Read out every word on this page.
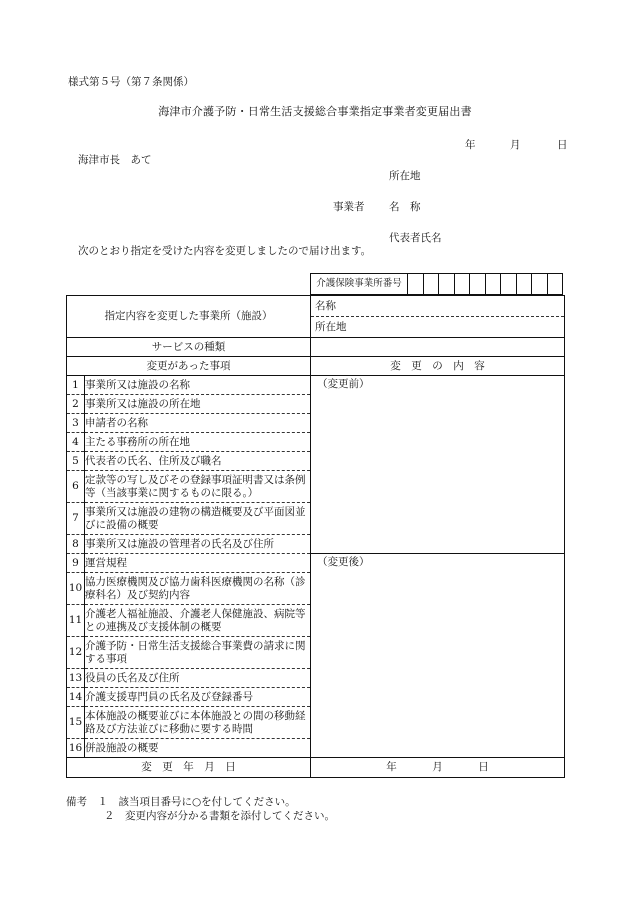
様式第５号（第７条関係）
海津市介護予防・日常生活支援総合事業指定事業者変更届出書
年	月	日
海津市長　あて
所在地
事業者 名　称
代表者氏名
次のとおり指定を受けた内容を変更しましたので届け出ます。
介護保険事業所番号
指定内容を変更した事業所（施設）		名称
所在地

サービスの種類		
変更があった事項		変　更　の　内　容
1	事業所又は施設の名称	（変更前）
2	事業所又は施設の所在地	
3	申請者の名称	
4	主たる事務所の所在地	
5	代表者の氏名、住所及び職名	
6	定款等の写し及びその登録事項証明書又は条例等（当該事業に関するものに限る。）	
7	事業所又は施設の建物の構造概要及び平面図並びに設備の概要	
8	事業所又は施設の管理者の氏名及び住所	
9	運営規程	（変更後）
10	協力医療機関及び協力歯科医療機関の名称（診療科名）及び契約内容	
11	介護老人福祉施設、介護老人保健施設、病院等との連携及び支援体制の概要	
12	介護予防・日常生活支援総合事業費の請求に関する事項	
13	役員の氏名及び住所	
14	介護支援専門員の氏名及び登録番号	
15	本体施設の概要並びに本体施設との間の移動経路及び方法並びに移動に要する時間	
16	併設施設の概要	
変　更　年　月　日		年 月 日
備考　１　該当項目番号に○を付してください。
２　変更内容が分かる書類を添付してください。
